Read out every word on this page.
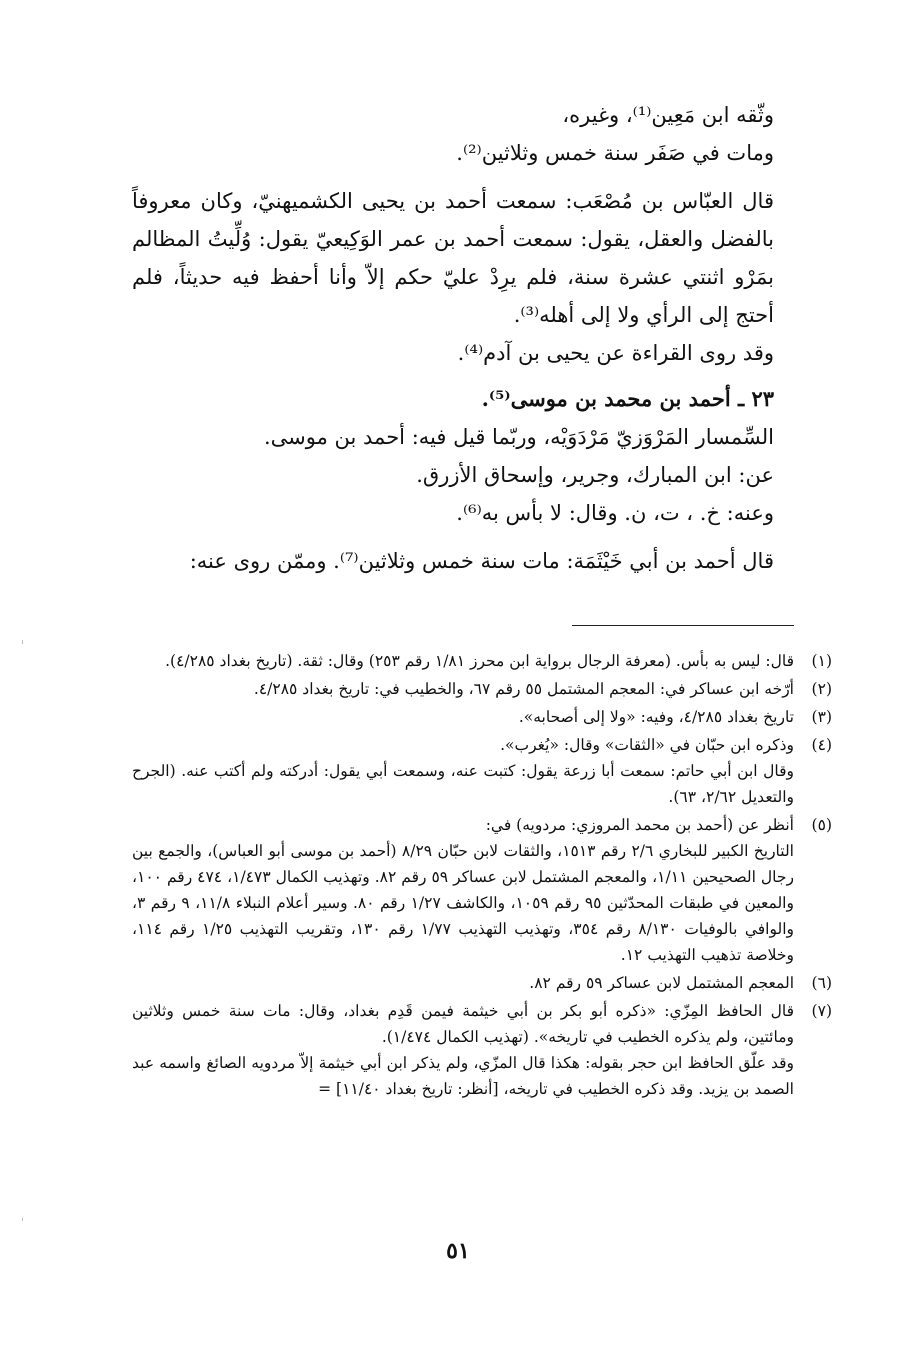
وثّقه ابن مَعِين⁽¹⁾، وغيره،

ومات في صَفَر سنة خمس وثلاثين⁽²⁾.

قال العبّاس بن مُصْعَب: سمعت أحمد بن يحيى الكشميهنيّ، وكان معروفاً بالفضل والعقل، يقول: سمعت أحمد بن عمر الوَكِيعيّ يقول: وُلِّيتُ المظالم بمَرْو اثنتي عشرة سنة، فلم يرِدْ عليّ حكم إلاّ وأنا أحفظ فيه حديثاً، فلم أحتج إلى الرأي ولا إلى أهله⁽³⁾.

وقد روى القراءة عن يحيى بن آدم⁽⁴⁾.

٢٣ ـ أحمد بن محمد بن موسى⁽⁵⁾.

السِّمسار المَرْوَزيّ مَرْدَوَيْه، وربّما قيل فيه: أحمد بن موسى.

عن: ابن المبارك، وجرير، وإسحاق الأزرق.

وعنه: خ. ، ت، ن. وقال: لا بأس به⁽⁶⁾.

قال أحمد بن أبي خَيْثَمَة: مات سنة خمس وثلاثين⁽⁷⁾. وممّن روى عنه:

(١)

قال: ليس به بأس. (معرفة الرجال برواية ابن محرز ١/٨١ رقم ٢٥٣) وقال: ثقة. (تاريخ بغداد ٤/٢٨٥).

(٢)

أرّخه ابن عساكر في: المعجم المشتمل ٥٥ رقم ٦٧، والخطيب في: تاريخ بغداد ٤/٢٨٥.

(٣)

تاريخ بغداد ٤/٢٨٥، وفيه: «ولا إلى أصحابه».

(٤)

وذكره ابن حبّان في «الثقات» وقال: «يُغرب».

وقال ابن أبي حاتم: سمعت أبا زرعة يقول: كتبت عنه، وسمعت أبي يقول: أدركته ولم أكتب عنه. (الجرح والتعديل ٢/٦٢، ٦٣).

(٥)

أنظر عن (أحمد بن محمد المروزي: مردويه) في:

التاريخ الكبير للبخاري ٢/٦ رقم ١٥١٣، والثقات لابن حبّان ٨/٢٩ (أحمد بن موسى أبو العباس)، والجمع بين رجال الصحيحين ١/١١، والمعجم المشتمل لابن عساكر ٥٩ رقم ٨٢. وتهذيب الكمال ١/٤٧٣، ٤٧٤ رقم ١٠٠، والمعين في طبقات المحدّثين ٩٥ رقم ١٠٥٩، والكاشف ١/٢٧ رقم ٨٠. وسير أعلام النبلاء ١١/٨، ٩ رقم ٣، والوافي بالوفيات ٨/١٣٠ رقم ٣٥٤، وتهذيب التهذيب ١/٧٧ رقم ١٣٠، وتقريب التهذيب ١/٢٥ رقم ١١٤، وخلاصة تذهيب التهذيب ١٢.

(٦)

المعجم المشتمل لابن عساكر ٥٩ رقم ٨٢.

(٧)

قال الحافظ المِزّي: «ذكره أبو بكر بن أبي خيثمة فيمن قَدِم بغداد، وقال: مات سنة خمس وثلاثين ومائتين، ولم يذكره الخطيب في تاريخه». (تهذيب الكمال ١/٤٧٤).

وقد علّق الحافظ ابن حجر بقوله: هكذا قال المزّي، ولم يذكر ابن أبي خيثمة إلاّ مردويه الصائغ واسمه عبد الصمد بن يزيد. وقد ذكره الخطيب في تاريخه، [أنظر: تاريخ بغداد ١١/٤٠] =

٥١
